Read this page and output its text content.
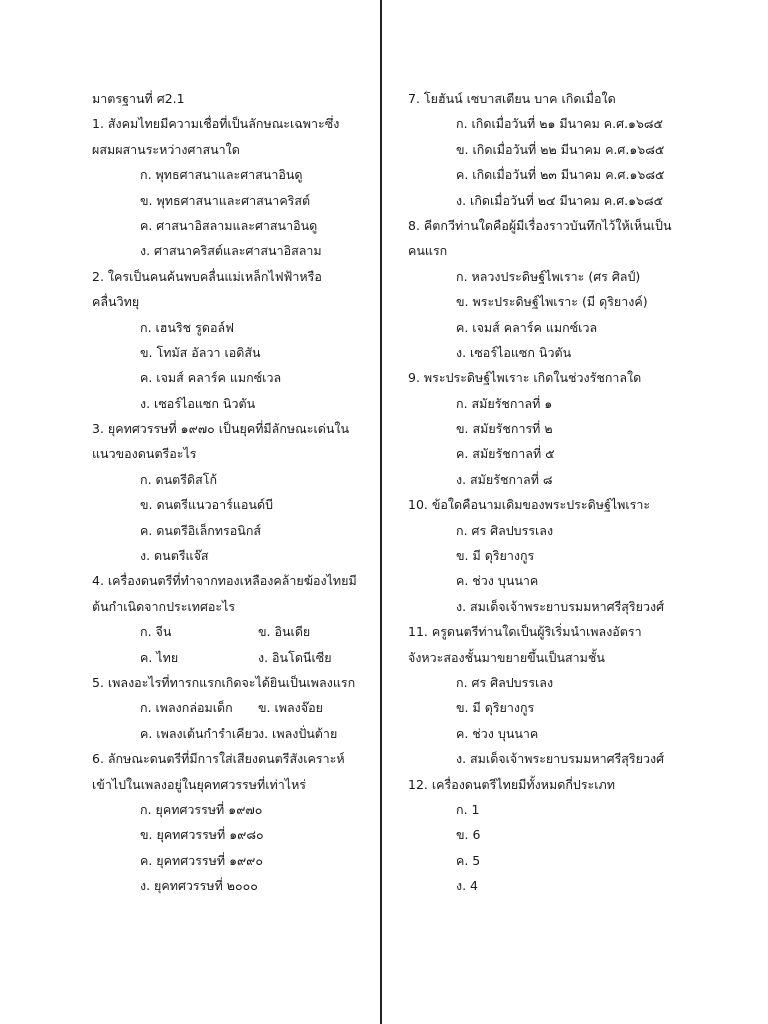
มาตรฐานที่ ศ2.1
1. สังคมไทยมีความเชื่อที่เป็นลักษณะเฉพาะซึ่ง
ผสมผสานระหว่างศาสนาใด
ก. พุทธศาสนาและศาสนาอินดู
ข. พุทธศาสนาและศาสนาคริสต์
ค. ศาสนาอิสลามและศาสนาอินดู
ง. ศาสนาคริสต์และศาสนาอิสลาม
2. ใครเป็นคนค้นพบคลื่นแม่เหล็กไฟฟ้าหรือ
คลื่นวิทยุ
ก. เฮนริช รูดอล์ฟ
ข. โทมัส อัลวา เอดิสัน
ค. เจมส์ คลาร์ค แมกซ์เวล
ง. เซอร์ไอแซก นิวตัน
3. ยุคทศวรรษที่ ๑๙๗๐ เป็นยุคที่มีลักษณะเด่นใน
แนวของดนตรีอะไร
ก. ดนตรีดิสโก้
ข. ดนตรีแนวอาร์แอนด์บี
ค. ดนตรีอิเล็กทรอนิกส์
ง. ดนตรีแจ๊ส
4. เครื่องดนตรีที่ทำจากทองเหลืองคล้ายฆ้องไทยมี
ต้นกำเนิดจากประเทศอะไร
ก. จีน	ข. อินเดีย
ค. ไทย	ง. อินโดนีเซีย
5. เพลงอะไรที่ทารกแรกเกิดจะได้ยินเป็นเพลงแรก
ก. เพลงกล่อมเด็ก	ข. เพลงจ๊อย
ค. เพลงเต้นกำรำเคียว ง. เพลงปั่นต้าย
6. ลักษณะดนตรีที่มีการใส่เสียงดนตรีสังเคราะห์
เข้าไปในเพลงอยู่ในยุคทศวรรษที่เท่าไหร่
ก. ยุคทศวรรษที่ ๑๙๗๐
ข. ยุคทศวรรษที่ ๑๙๘๐
ค. ยุคทศวรรษที่ ๑๙๙๐
ง. ยุคทศวรรษที่ ๒๐๐๐
7. โยฮันน์ เซบาสเตียน บาค เกิดเมื่อใด
ก. เกิดเมื่อวันที่ ๒๑ มีนาคม ค.ศ.๑๖๘๕
ข. เกิดเมื่อวันที่ ๒๒ มีนาคม ค.ศ.๑๖๘๕
ค. เกิดเมื่อวันที่ ๒๓ มีนาคม ค.ศ.๑๖๘๕
ง. เกิดเมื่อวันที่ ๒๔ มีนาคม ค.ศ.๑๖๘๕
8. คีตกวีท่านใดคือผู้มีเรื่องราวบันทึกไว้ให้เห็นเป็น
คนแรก
ก. หลวงประดิษฐ์ไพเราะ (ศร ศิลป์)
ข. พระประดิษฐ์ไพเราะ (มี ดุริยางค์)
ค. เจมส์ คลาร์ค แมกซ์เวล
ง. เซอร์ไอแซก นิวตัน
9. พระประดิษฐ์ไพเราะ เกิดในช่วงรัชกาลใด
ก. สมัยรัชกาลที่ ๑
ข. สมัยรัชการที่ ๒
ค. สมัยรัชกาลที่ ๕
ง. สมัยรัชกาลที่ ๘
10. ข้อใดคือนามเดิมของพระประดิษฐ์ไพเราะ
ก. ศร ศิลปบรรเลง
ข. มี ดุริยางกูร
ค. ช่วง บุนนาค
ง. สมเด็จเจ้าพระยาบรมมหาศรีสุริยวงศ์
11. ครูดนตรีท่านใดเป็นผู้ริเริ่มนำเพลงอัตรา
จังหวะสองชั้นมาขยายขึ้นเป็นสามชั้น
ก. ศร ศิลปบรรเลง
ข. มี ดุริยางกูร
ค. ช่วง บุนนาค
ง. สมเด็จเจ้าพระยาบรมมหาศรีสุริยวงศ์
12. เครื่องดนตรีไทยมีทั้งหมดกี่ประเภท
ก. 1
ข. 6
ค. 5
ง. 4
